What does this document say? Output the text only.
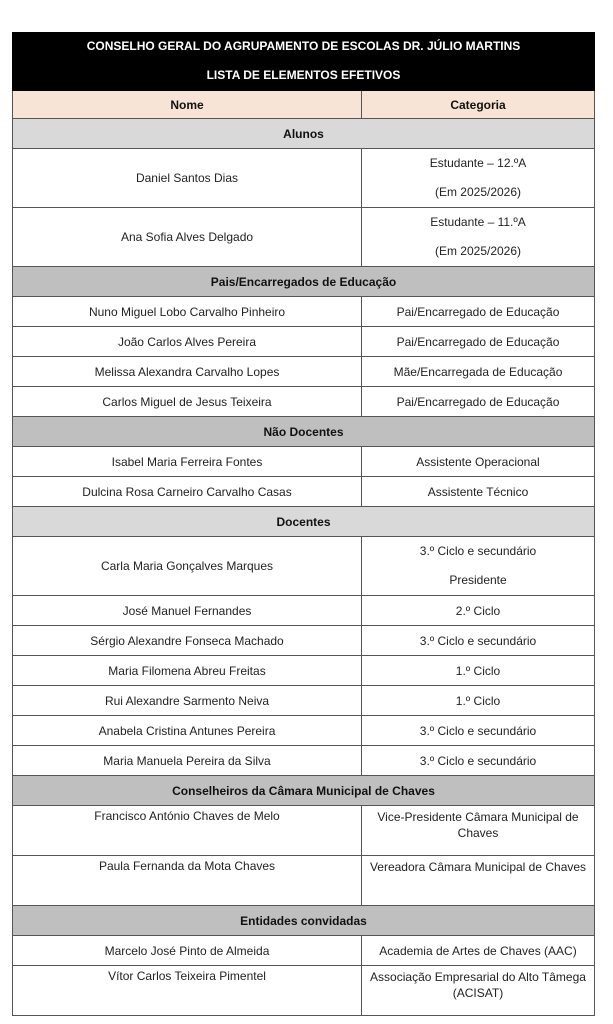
CONSELHO GERAL DO AGRUPAMENTO DE ESCOLAS DR. JÚLIO MARTINS	
LISTA DE ELEMENTOS EFETIVOS	
Nome	Categoria
Alunos	
Daniel Santos Dias	Estudante – 12.ºA
(Em 2025/2026)

Ana Sofia Alves Delgado	Estudante – 11.ºA
(Em 2025/2026)

Pais/Encarregados de Educação	
Nuno Miguel Lobo Carvalho Pinheiro	Pai/Encarregado de Educação
João Carlos Alves Pereira	Pai/Encarregado de Educação
Melissa Alexandra Carvalho Lopes	Mãe/Encarregada de Educação
Carlos Miguel de Jesus Teixeira	Pai/Encarregado de Educação
Não Docentes	
Isabel Maria Ferreira Fontes	Assistente Operacional
Dulcina Rosa Carneiro Carvalho Casas	Assistente Técnico
Docentes	
Carla Maria Gonçalves Marques	3.º Ciclo e secundário
Presidente

José Manuel Fernandes	2.º Ciclo
Sérgio Alexandre Fonseca Machado	3.º Ciclo e secundário
Maria Filomena Abreu Freitas	1.º Ciclo
Rui Alexandre Sarmento Neiva	1.º Ciclo
Anabela Cristina Antunes Pereira	3.º Ciclo e secundário
Maria Manuela Pereira da Silva	3.º Ciclo e secundário
Conselheiros da Câmara Municipal de Chaves	
Francisco António Chaves de Melo	Vice-Presidente Câmara Municipal de Chaves
Paula Fernanda da Mota Chaves	Vereadora Câmara Municipal de Chaves
Entidades convidadas	
Marcelo José Pinto de Almeida	Academia de Artes de Chaves (AAC)
Vítor Carlos Teixeira Pimentel	Associação Empresarial do Alto Tâmega (ACISAT)
